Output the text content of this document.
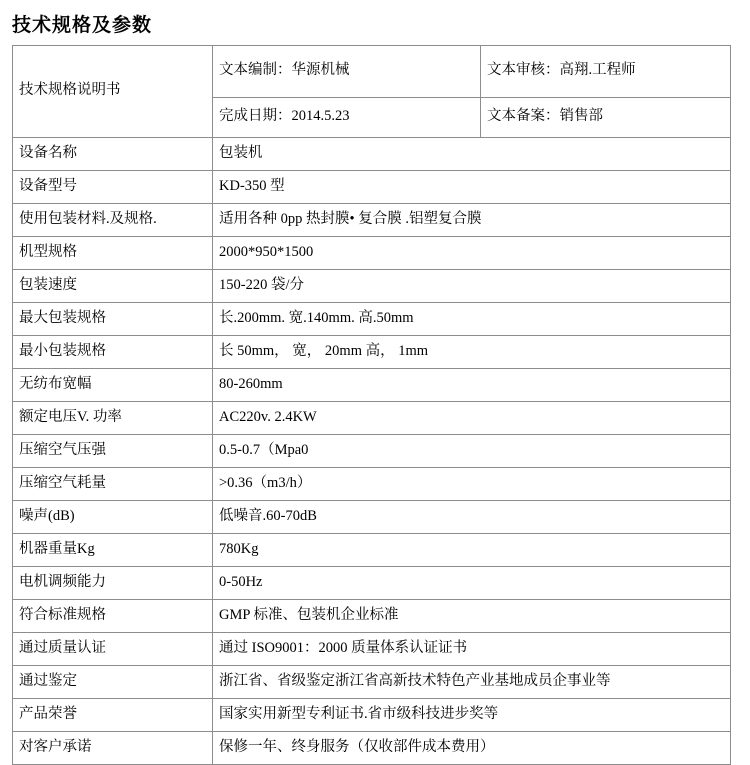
技术规格及参数
技术规格说明书	文本编制：华源机械	文本审核：高翔.工程师
	完成日期：2014.5.23	文本备案：销售部
设备名称	包装机	
设备型号	KD-350 型	
使用包装材料.及规格.	适用各种 0pp 热封膜• 复合膜 .铝塑复合膜	
机型规格	2000*950*1500	
包装速度	150-220 袋/分	
最大包装规格	长.200mm. 宽.140mm. 高.50mm	
最小包装规格	长 50mm， 宽， 20mm 高， 1mm	
无纺布宽幅	80-260mm	
额定电压V. 功率	AC220v. 2.4KW	
压缩空气压强	0.5-0.7（Mpa0	
压缩空气耗量	>0.36（m3/h）	
噪声(dB)	低噪音.60-70dB	
机器重量Kg	780Kg	
电机调频能力	0-50Hz	
符合标准规格	GMP 标准、包装机企业标准	
通过质量认证	通过 ISO9001：2000 质量体系认证证书	
通过鉴定	浙江省、省级鉴定浙江省高新技术特色产业基地成员企事业等	
产品荣誉	国家实用新型专利证书.省市级科技进步奖等	
对客户承诺	保修一年、终身服务（仅收部件成本费用）	
